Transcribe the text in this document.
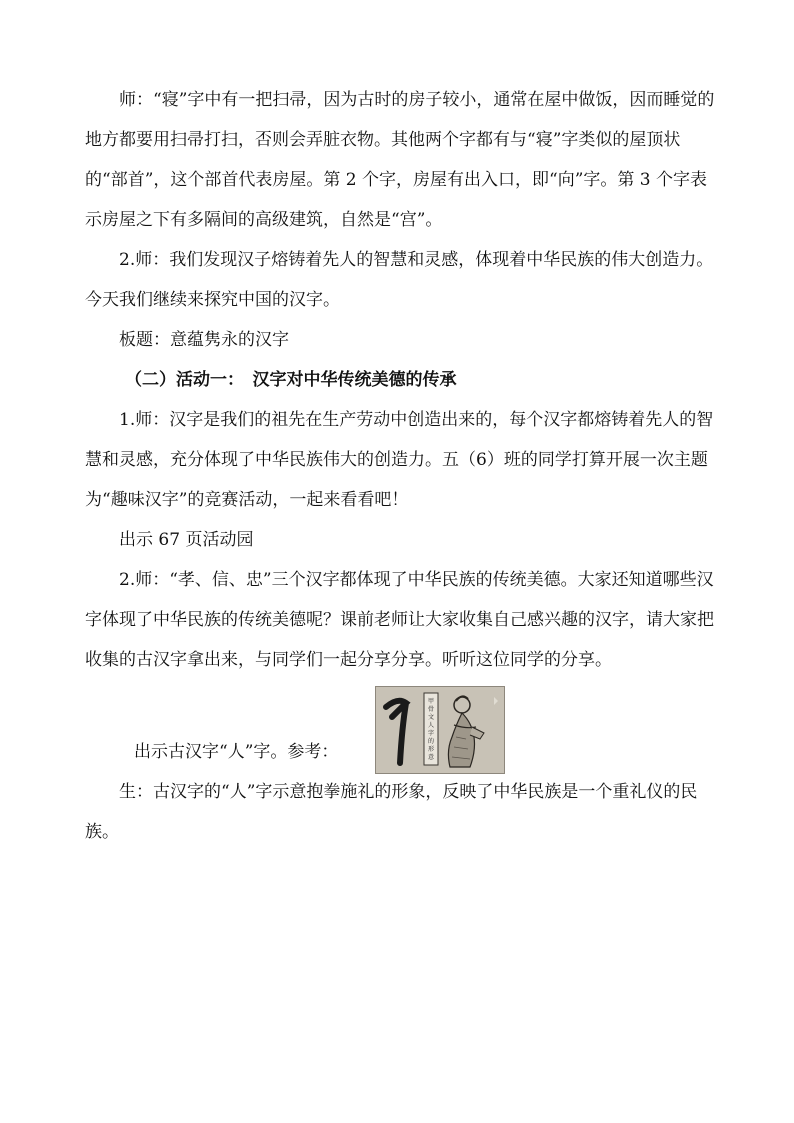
师：“寝”字中有一把扫帚，因为古时的房子较小，通常在屋中做饭，因而睡觉的地方都要用扫帚打扫，否则会弄脏衣物。其他两个字都有与“寝”字类似的屋顶状的“部首”，这个部首代表房屋。第 2 个字，房屋有出入口，即“向”字。第 3 个字表示房屋之下有多隔间的高级建筑，自然是“宫”。

2.师：我们发现汉子熔铸着先人的智慧和灵感，体现着中华民族的伟大创造力。今天我们继续来探究中国的汉字。

板题：意蕴隽永的汉字

（二）活动一：　汉字对中华传统美德的传承

1.师：汉字是我们的祖先在生产劳动中创造出来的，每个汉字都熔铸着先人的智慧和灵感，充分体现了中华民族伟大的创造力。五（6）班的同学打算开展一次主题为“趣味汉字”的竞赛活动，一起来看看吧！

出示 67 页活动园

2.师：“孝、信、忠”三个汉字都体现了中华民族的传统美德。大家还知道哪些汉字体现了中华民族的传统美德呢？课前老师让大家收集自己感兴趣的汉字，请大家把收集的古汉字拿出来，与同学们一起分享分享。听听这位同学的分享。

出示古汉字“人”字。参考：
甲
骨
文
人
字
的
形
意

生：古汉字的“人”字示意抱拳施礼的形象，反映了中华民族是一个重礼仪的民族。
